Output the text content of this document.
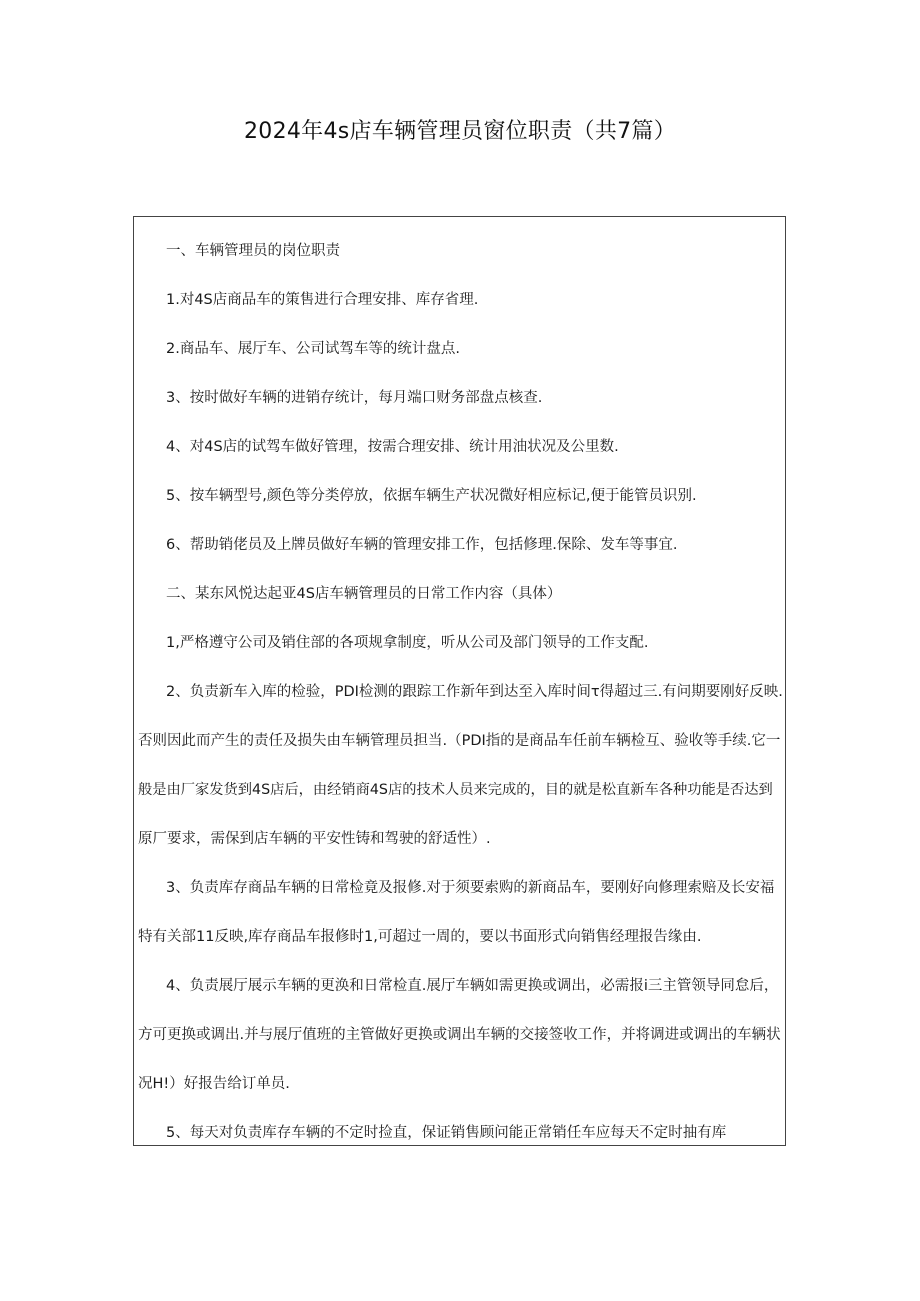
2024年4s店车辆管理员窗位职责（共7篇）
一、车辆管理员的岗位职责
1.对4S店商品车的策售进行合理安排、库存省理.
2.商品车、展厅车、公司试驾车等的统计盘点.
3、按时做好车辆的进销存统计，每月端口财务部盘点核查.
4、对4S店的试驾车做好管理，按需合理安排、统计用油状况及公里数.
5、按车辆型号,颜色等分类停放，依据车辆生产状况微好相应标记,便于能管员识别.
6、帮助销佬员及上牌员做好车辆的管理安排工作，包括修理.保除、发车等事宜.
二、某东风悦达起亚4S店车辆管理员的日常工作内容（具体）
1,严格遵守公司及销住部的各项规拿制度，听从公司及部门领导的工作支配.
2、负责新车入库的检验，PDI检测的跟踪工作新年到达至入库时间τ得超过三.有问期要刚好反映.
否则因此而产生的责任及损失由车辆管理员担当.（PDI指的是商品车任前车辆检互、验收等手续.它一
般是由厂家发货到4S店后，由经销商4S店的技术人员来完成的，目的就是松直新车各种功能是否达到
原厂要求，需保到店车辆的平安性铸和驾驶的舒适性）.
3、负责库存商品车辆的日常检竟及报修.对于须要索购的新商品车，要刚好向修理索赔及长安福
特有关部11反映,库存商品车报修时1,可超过一周的，要以书面形式向销售经理报告缘由.
4、负责展厅展示车辆的更涣和日常检直.展厅车辆如需更换或调出，必需报i三主管领导同怠后，
方可更换或调出.并与展厅值班的主管做好更换或调出车辆的交接签收工作，并将调进或调出的车辆状
况H!）好报告给订单员.
5、每天对负责库存车辆的不定时捡直，保证销售顾问能正常销任车应每天不定时抽有库
